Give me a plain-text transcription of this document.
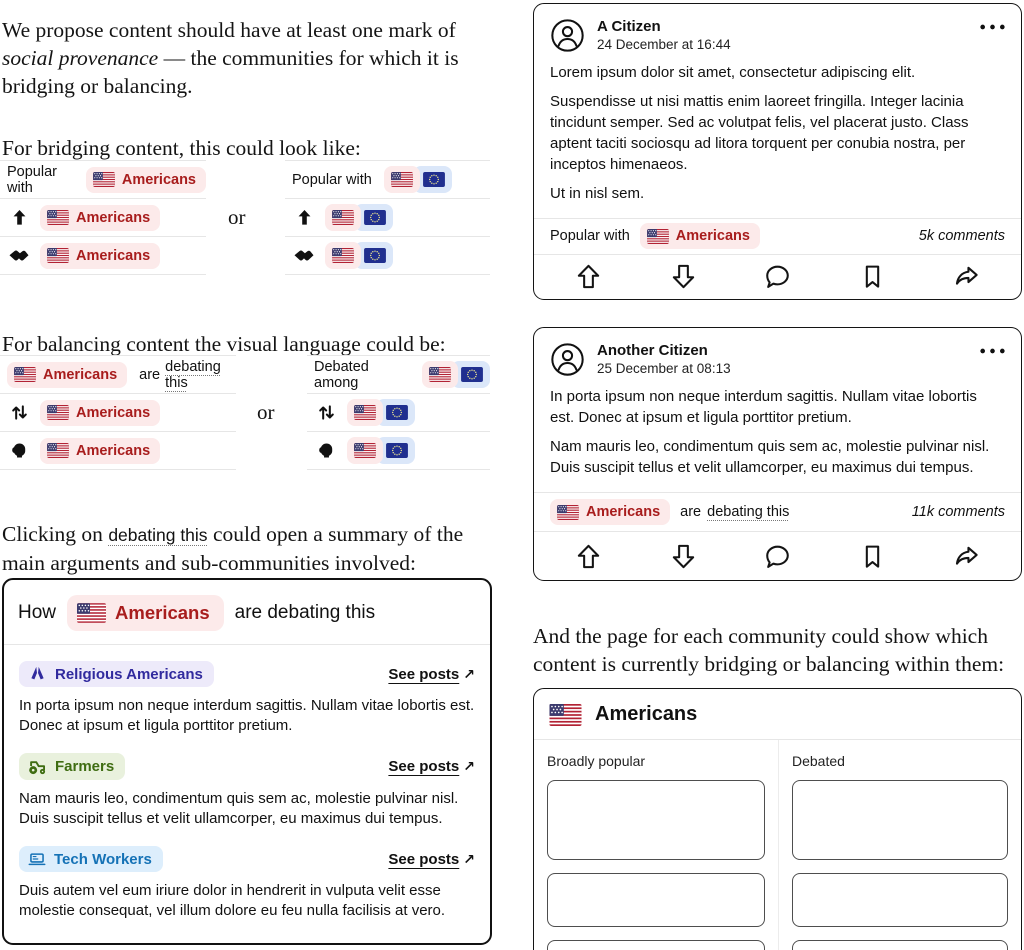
We propose content should have at least one mark of social provenance — the communities for which it is bridging or balancing.

For bridging content, this could look like:

Popular with	Americans
Americans
Americans
or
Popular with

For balancing content the visual language could be:

Americans are debating this
Americans
Americans
or
Debated among

Clicking on debating this could open a summary of the main arguments and sub-communities involved:

How	Americans are debating this
Religious Americans	See posts ↗

In porta ipsum non neque interdum sagittis. Nullam vitae lobortis est. Donec at ipsum et ligula porttitor pretium.

Farmers	See posts ↗

Nam mauris leo, condimentum quis sem ac, molestie pulvinar nisl. Duis suscipit tellus et velit ullamcorper, eu maximus dui tempus.

Tech Workers	See posts ↗

Duis autem vel eum iriure dolor in hendrerit in vulputa velit esse molestie consequat, vel illum dolore eu feu nulla facilisis at vero.

A Citizen
24 December at 16:44

Lorem ipsum dolor sit amet, consectetur adipiscing elit.

Suspendisse ut nisi mattis enim laoreet fringilla. Integer lacinia tincidunt semper. Sed ac volutpat felis, vel placerat justo. Class aptent taciti sociosqu ad litora torquent per conubia nostra, per inceptos himenaeos.

Ut in nisl sem.

Popular with	Americans	5k comments
Another Citizen
25 December at 08:13

In porta ipsum non neque interdum sagittis. Nullam vitae lobortis est. Donec at ipsum et ligula porttitor pretium.

Nam mauris leo, condimentum quis sem ac, molestie pulvinar nisl. Duis suscipit tellus et velit ullamcorper, eu maximus dui tempus.

Americans are debating this	11k comments

And the page for each community could show which content is currently bridging or balancing within them:

Americans
Broadly popular	Debated
